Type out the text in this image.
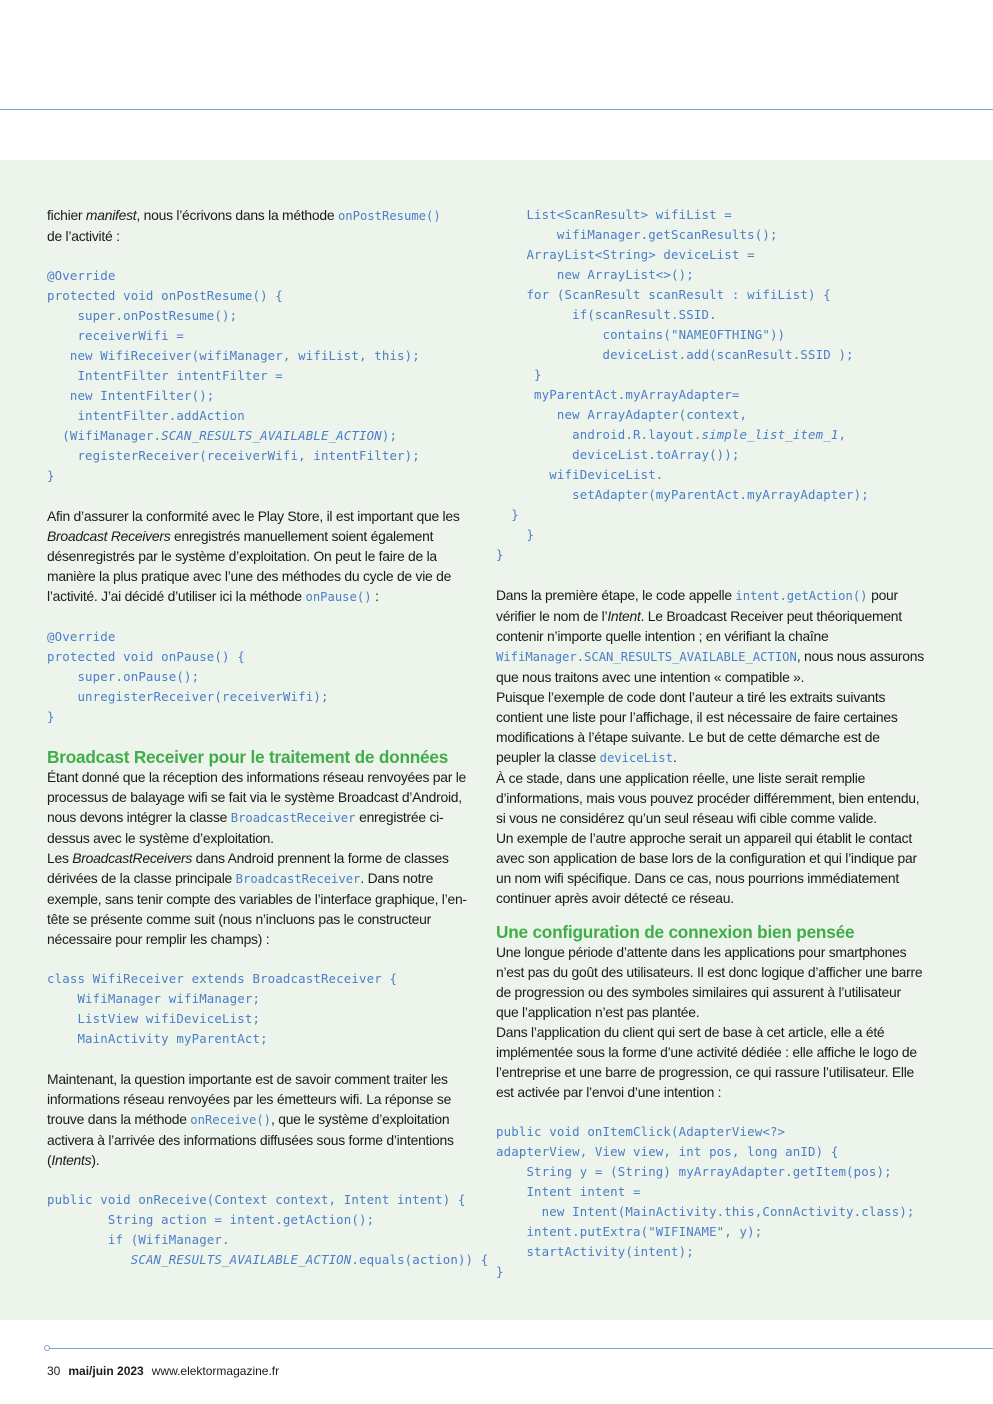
fichier manifest, nous l’écrivons dans la méthode onPostResume()
de l’activité :
@Override
protected void onPostResume() {
super.onPostResume();
receiverWifi =
new WifiReceiver(wifiManager, wifiList, this);
IntentFilter intentFilter =
new IntentFilter();
intentFilter.addAction
(WifiManager.SCAN_RESULTS_AVAILABLE_ACTION);
registerReceiver(receiverWifi, intentFilter);
}
Afin d’assurer la conformité avec le Play Store, il est important que les Broadcast Receivers enregistrés manuellement soient également désenregistrés par le système d’exploitation. On peut le faire de la manière la plus pratique avec l’une des méthodes du cycle de vie de l’activité. J’ai décidé d’utiliser ici la méthode onPause() :
@Override
protected void onPause() {
super.onPause();
unregisterReceiver(receiverWifi);
}
Broadcast Receiver pour le traitement de données
Étant donné que la réception des informations réseau renvoyées par le processus de balayage wifi se fait via le système Broadcast d’Android, nous devons intégrer la classe BroadcastReceiver enregistrée ci-dessus avec le système d’exploitation.
Les BroadcastReceivers dans Android prennent la forme de classes dérivées de la classe principale BroadcastReceiver. Dans notre exemple, sans tenir compte des variables de l’interface graphique, l’en-tête se présente comme suit (nous n’incluons pas le constructeur nécessaire pour remplir les champs) :
class WifiReceiver extends BroadcastReceiver {
WifiManager wifiManager;
ListView wifiDeviceList;
MainActivity myParentAct;
Maintenant, la question importante est de savoir comment traiter les informations réseau renvoyées par les émetteurs wifi. La réponse se trouve dans la méthode onReceive(), que le système d’exploitation activera à l’arrivée des informations diffusées sous forme d’intentions (Intents).
public void onReceive(Context context, Intent intent) {
String action = intent.getAction();
if (WifiManager.
SCAN_RESULTS_AVAILABLE_ACTION.equals(action)) {
List<ScanResult> wifiList =
wifiManager.getScanResults();
ArrayList<String> deviceList =
new ArrayList<>();
for (ScanResult scanResult : wifiList) {
if(scanResult.SSID.
contains("NAMEOFTHING"))
deviceList.add(scanResult.SSID );
}
myParentAct.myArrayAdapter=
new ArrayAdapter(context,
android.R.layout.simple_list_item_1,
deviceList.toArray());
wifiDeviceList.
setAdapter(myParentAct.myArrayAdapter);
}
}
}
Dans la première étape, le code appelle intent.getAction() pour vérifier le nom de l’Intent. Le Broadcast Receiver peut théoriquement contenir n’importe quelle intention ; en vérifiant la chaîne WifiManager.SCAN_RESULTS_AVAILABLE_ACTION, nous nous assurons que nous traitons avec une intention « compatible ».
Puisque l’exemple de code dont l’auteur a tiré les extraits suivants contient une liste pour l’affichage, il est nécessaire de faire certaines modifications à l’étape suivante. Le but de cette démarche est de peupler la classe deviceList.
À ce stade, dans une application réelle, une liste serait remplie d’informations, mais vous pouvez procéder différemment, bien entendu, si vous ne considérez qu’un seul réseau wifi cible comme valide.
Un exemple de l’autre approche serait un appareil qui établit le contact avec son application de base lors de la configuration et qui l’indique par un nom wifi spécifique. Dans ce cas, nous pourrions immédiatement continuer après avoir détecté ce réseau.
Une configuration de connexion bien pensée
Une longue période d’attente dans les applications pour smartphones n’est pas du goût des utilisateurs. Il est donc logique d’afficher une barre de progression ou des symboles similaires qui assurent à l’utilisateur que l’application n’est pas plantée.
Dans l’application du client qui sert de base à cet article, elle a été implémentée sous la forme d’une activité dédiée : elle affiche le logo de l’entreprise et une barre de progression, ce qui rassure l’utilisateur. Elle est activée par l’envoi d’une intention :
public void onItemClick(AdapterView<?>
adapterView, View view, int pos, long anID) {
String y = (String) myArrayAdapter.getItem(pos);
Intent intent =
new Intent(MainActivity.this,ConnActivity.class);
intent.putExtra("WIFINAME", y);
startActivity(intent);
}
30 mai/juin 2023 www.elektormagazine.fr
